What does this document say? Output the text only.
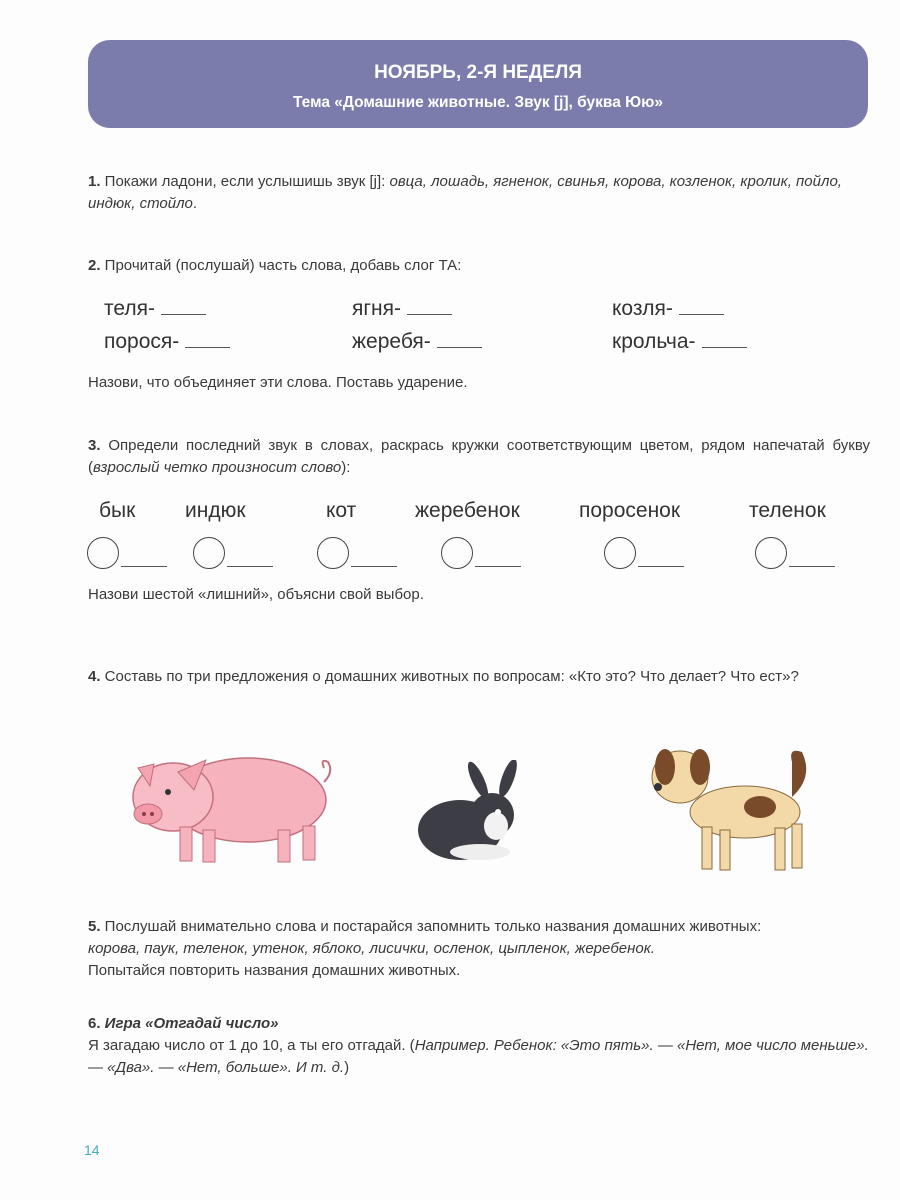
НОЯБРЬ, 2-Я НЕДЕЛЯ
Тема «Домашние животные. Звук [j], буква Юю»
1. Покажи ладони, если услышишь звук [j]: овца, лошадь, ягненок, свинья, корова, козленок, кролик, пойло, индюк, стойло.
2. Прочитай (послушай) часть слова, добавь слог ТА:
теля-	ягня-	козля-
порося-	жеребя-	крольча-
Назови, что объединяет эти слова. Поставь ударение.
3. Определи последний звук в словах, раскрась кружки соответствующим цветом, рядом напечатай букву (взрослый четко произносит слово):
бык индюк	кот	жеребенок	поросенок	теленок
Назови шестой «лишний», объясни свой выбор.
4. Составь по три предложения о домашних животных по вопросам: «Кто это? Что делает? Что ест»?
5. Послушай внимательно слова и постарайся запомнить только названия домашних животных:
корова, паук, теленок, утенок, яблоко, лисички, осленок, цыпленок, жеребенок.
Попытайся повторить названия домашних животных.
6. Игра «Отгадай число»
Я загадаю число от 1 до 10, а ты его отгадай. (Например. Ребенок: «Это пять». — «Нет, мое число меньше». — «Два». — «Нет, больше». И т. д.)
14
